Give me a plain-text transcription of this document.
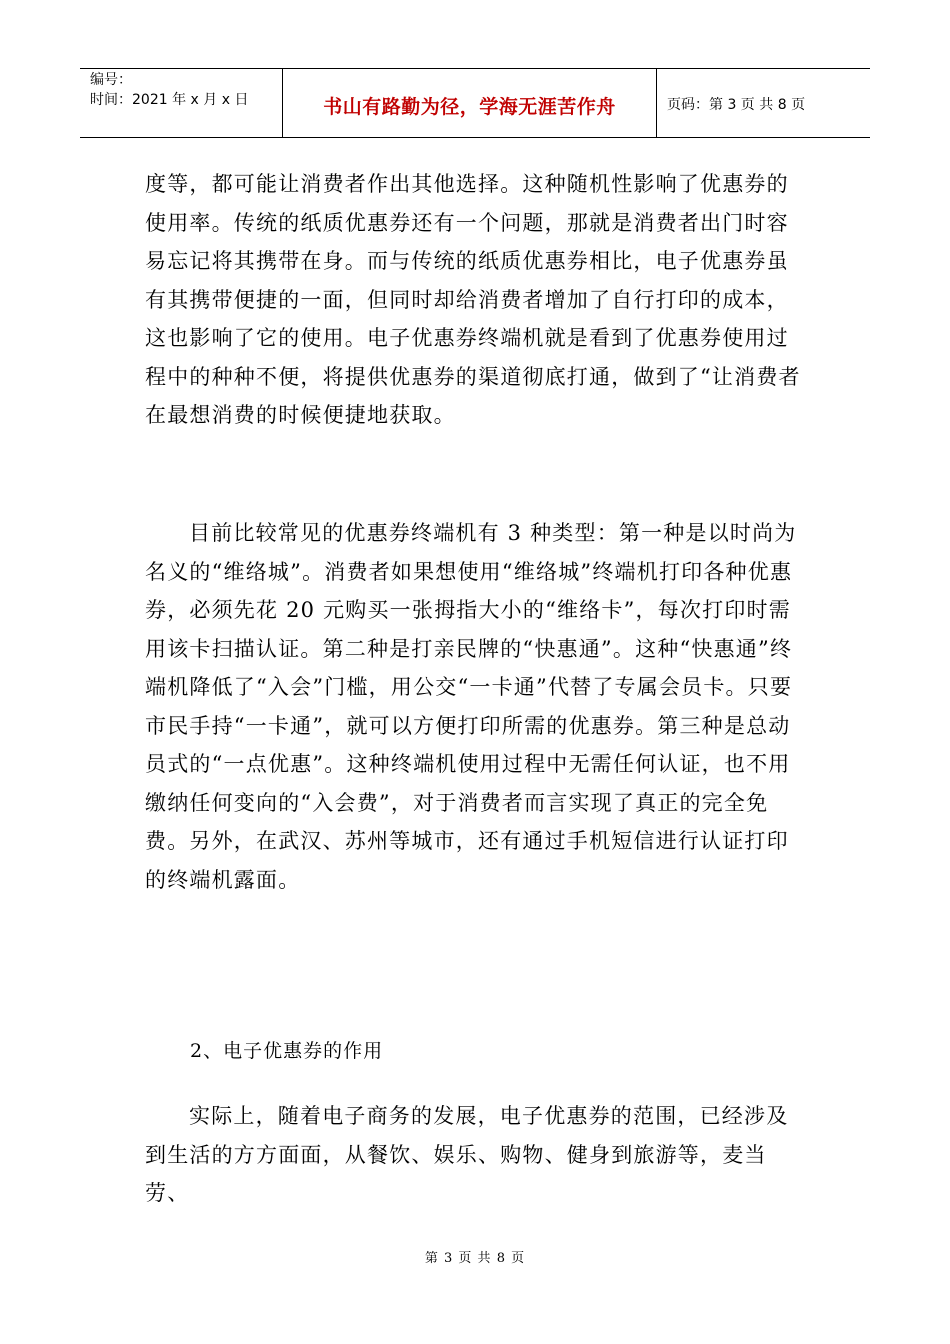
编号：
时间：2021 年 x 月 x 日	书山有路勤为径，学海无涯苦作舟	页码：第 3 页 共 8 页

度等，都可能让消费者作出其他选择。这种随机性影响了优惠券的使用率。传统的纸质优惠券还有一个问题，那就是消费者出门时容易忘记将其携带在身。而与传统的纸质优惠券相比，电子优惠券虽有其携带便捷的一面，但同时却给消费者增加了自行打印的成本，这也影响了它的使用。电子优惠券终端机就是看到了优惠券使用过程中的种种不便，将提供优惠券的渠道彻底打通，做到了“让消费者在最想消费的时候便捷地获取。

目前比较常见的优惠券终端机有 3 种类型：第一种是以时尚为名义的“维络城”。消费者如果想使用“维络城”终端机打印各种优惠券，必须先花 20 元购买一张拇指大小的“维络卡”，每次打印时需用该卡扫描认证。第二种是打亲民牌的“快惠通”。这种“快惠通”终端机降低了“入会”门槛，用公交“一卡通”代替了专属会员卡。只要市民手持“一卡通”，就可以方便打印所需的优惠券。第三种是总动员式的“一点优惠”。这种终端机使用过程中无需任何认证，也不用缴纳任何变向的“入会费”，对于消费者而言实现了真正的完全免费。另外，在武汉、苏州等城市，还有通过手机短信进行认证打印的终端机露面。

2、电子优惠券的作用

实际上，随着电子商务的发展，电子优惠券的范围，已经涉及到生活的方方面面，从餐饮、娱乐、购物、健身到旅游等，麦当劳、

第 3 页 共 8 页
